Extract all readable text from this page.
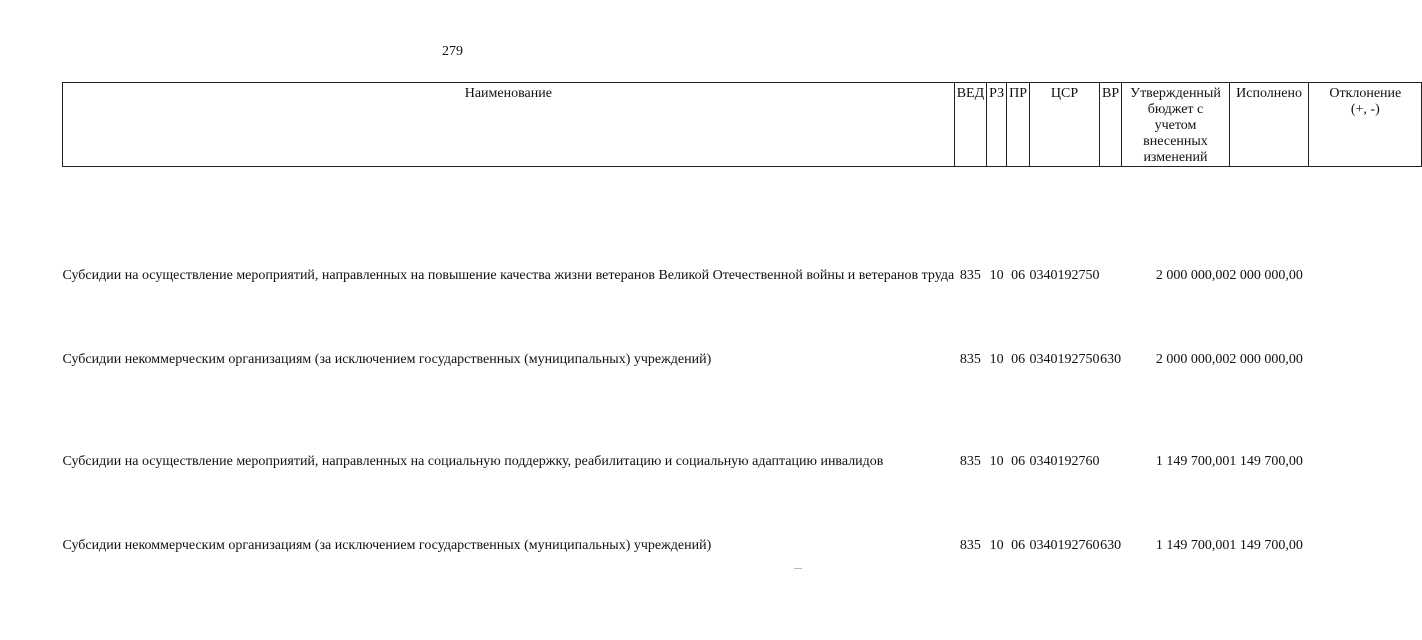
279
Наименование	ВЕД	РЗ	ПР	ЦСР	ВР	Утвержденный бюджет с учетом внесенных изменений	Исполнено	Отклонение (+, -)
Субсидии на осуществление мероприятий, направленных на повышение качества жизни ветеранов Великой Отечественной войны и ветеранов труда	835	10	06	0340192750		2 000 000,00	2 000 000,00	
Субсидии некоммерческим организациям (за исключением государственных (муниципальных) учреждений)	835	10	06	0340192750	630	2 000 000,00	2 000 000,00	
Субсидии на осуществление мероприятий, направленных на социальную поддержку, реабилитацию и социальную адаптацию инвалидов	835	10	06	0340192760		1 149 700,00	1 149 700,00	
Субсидии некоммерческим организациям (за исключением государственных (муниципальных) учреждений)	835	10	06	0340192760	630	1 149 700,00	1 149 700,00	
